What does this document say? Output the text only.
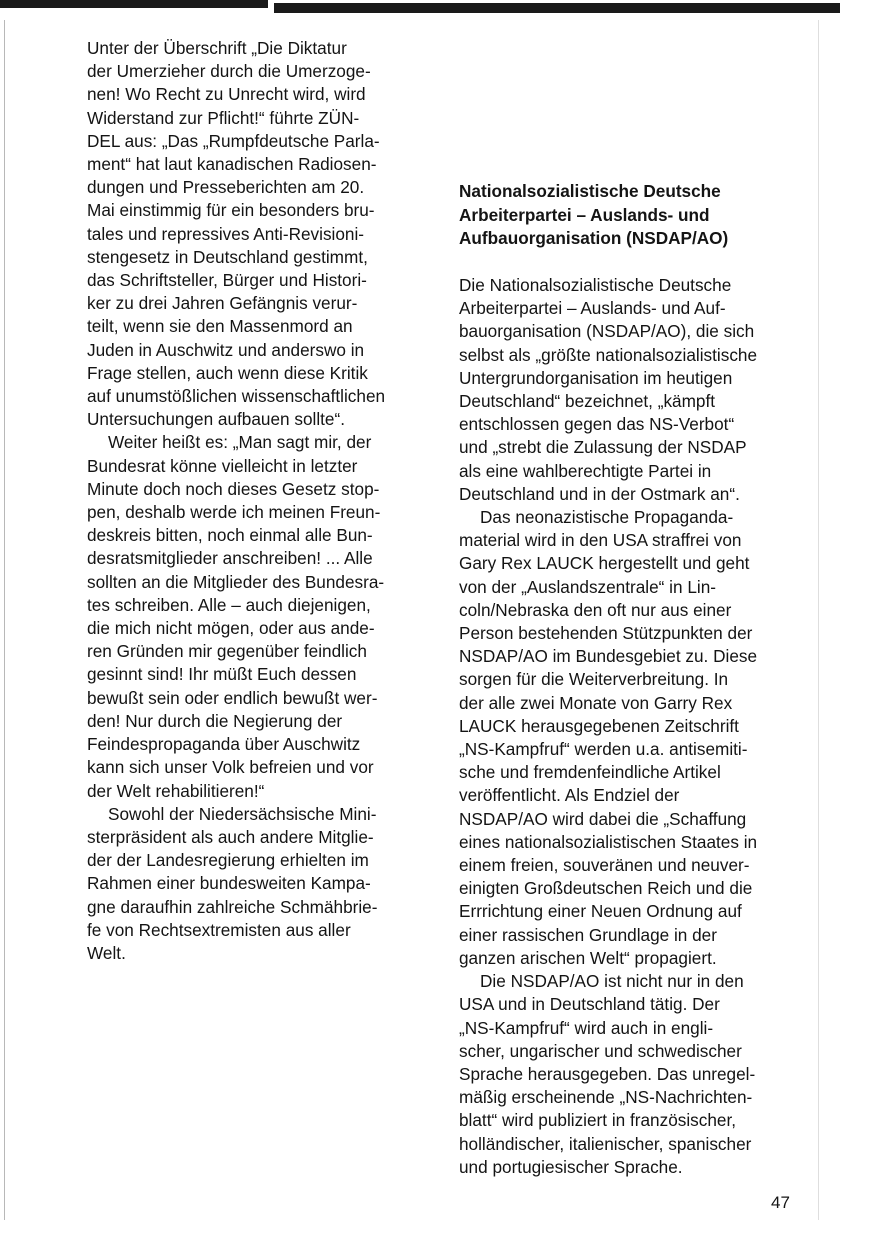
Unter der Überschrift „Die Diktatur
der Umerzieher durch die Umerzoge-
nen! Wo Recht zu Unrecht wird, wird
Widerstand zur Pflicht!“ führte ZÜN-
DEL aus: „Das „Rumpfdeutsche Parla-
ment“ hat laut kanadischen Radiosen-
dungen und Presseberichten am 20.
Mai einstimmig für ein besonders bru-
tales und repressives Anti-Revisioni-
stengesetz in Deutschland gestimmt,
das Schriftsteller, Bürger und Histori-
ker zu drei Jahren Gefängnis verur-
teilt, wenn sie den Massenmord an
Juden in Auschwitz und anderswo in
Frage stellen, auch wenn diese Kritik
auf unumstößlichen wissenschaftlichen
Untersuchungen aufbauen sollte“.
Weiter heißt es: „Man sagt mir, der
Bundesrat könne vielleicht in letzter
Minute doch noch dieses Gesetz stop-
pen, deshalb werde ich meinen Freun-
deskreis bitten, noch einmal alle Bun-
desratsmitglieder anschreiben! ... Alle
sollten an die Mitglieder des Bundesra-
tes schreiben. Alle – auch diejenigen,
die mich nicht mögen, oder aus ande-
ren Gründen mir gegenüber feindlich
gesinnt sind! Ihr müßt Euch dessen
bewußt sein oder endlich bewußt wer-
den! Nur durch die Negierung der
Feindespropaganda über Auschwitz
kann sich unser Volk befreien und vor
der Welt rehabilitieren!“
Sowohl der Niedersächsische Mini-
sterpräsident als auch andere Mitglie-
der der Landesregierung erhielten im
Rahmen einer bundesweiten Kampa-
gne daraufhin zahlreiche Schmähbrie-
fe von Rechtsextremisten aus aller
Welt.
Nationalsozialistische Deutsche
Arbeiterpartei – Auslands- und
Aufbauorganisation (NSDAP/AO)
Die Nationalsozialistische Deutsche
Arbeiterpartei – Auslands- und Auf-
bauorganisation (NSDAP/AO), die sich
selbst als „größte nationalsozialistische
Untergrundorganisation im heutigen
Deutschland“ bezeichnet, „kämpft
entschlossen gegen das NS-Verbot“
und „strebt die Zulassung der NSDAP
als eine wahlberechtigte Partei in
Deutschland und in der Ostmark an“.
Das neonazistische Propaganda-
material wird in den USA straffrei von
Gary Rex LAUCK hergestellt und geht
von der „Auslandszentrale“ in Lin-
coln/Nebraska den oft nur aus einer
Person bestehenden Stützpunkten der
NSDAP/AO im Bundesgebiet zu. Diese
sorgen für die Weiterverbreitung. In
der alle zwei Monate von Garry Rex
LAUCK herausgegebenen Zeitschrift
„NS-Kampfruf“ werden u.a. antisemiti-
sche und fremdenfeindliche Artikel
veröffentlicht. Als Endziel der
NSDAP/AO wird dabei die „Schaffung
eines nationalsozialistischen Staates in
einem freien, souveränen und neuver-
einigten Großdeutschen Reich und die
Errrichtung einer Neuen Ordnung auf
einer rassischen Grundlage in der
ganzen arischen Welt“ propagiert.
Die NSDAP/AO ist nicht nur in den
USA und in Deutschland tätig. Der
„NS-Kampfruf“ wird auch in engli-
scher, ungarischer und schwedischer
Sprache herausgegeben. Das unregel-
mäßig erscheinende „NS-Nachrichten-
blatt“ wird publiziert in französischer,
holländischer, italienischer, spanischer
und portugiesischer Sprache.
47
